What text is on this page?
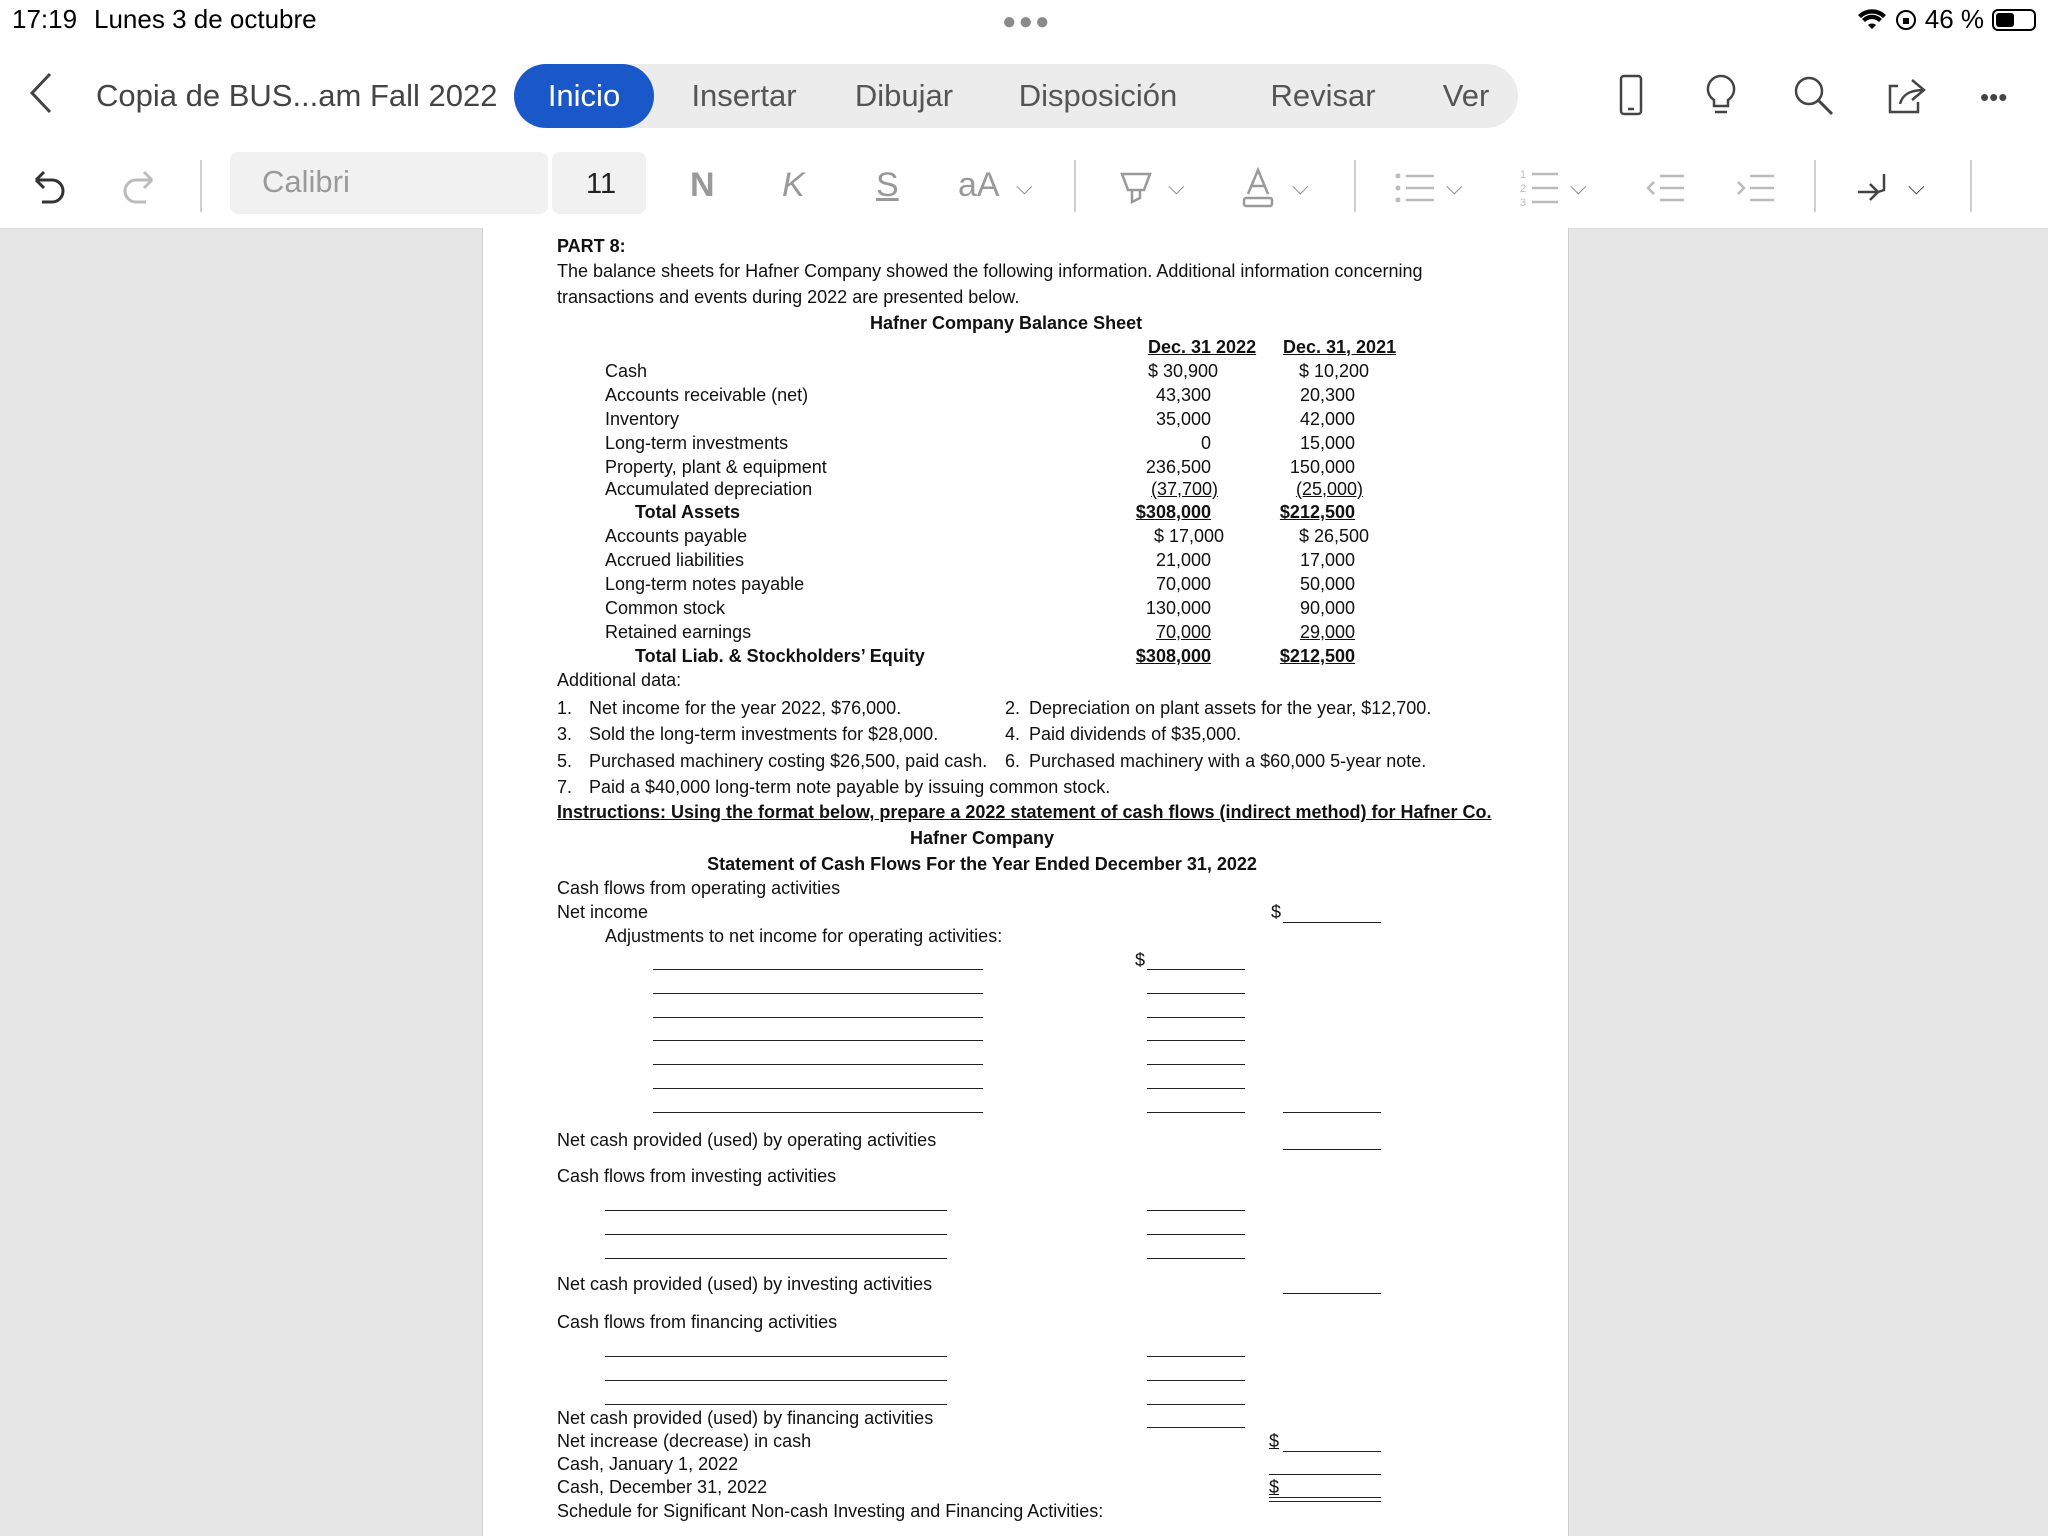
17:19 Lunes 3 de octubre	●●●	46 %
Copia de BUS...am Fall 2022	Inicio	Insertar	Dibujar	Disposición	Revisar	Ver	•••
N K S aA ⌵	⌵	⌵	⌵	1
2
3
⌵	⌵
Calibri	11
PART 8:
The balance sheets for Hafner Company showed the following information. Additional information concerning
transactions and events during 2022 are presented below.
Hafner Company Balance Sheet
Dec. 31 2022 Dec. 31, 2021
Cash	$ 30,900	$ 10,200
Accounts receivable (net)	43,300	20,300
Inventory	35,000	42,000
Long-term investments	0	15,000
Property, plant & equipment	236,500	150,000
Accumulated depreciation	(37,700)	(25,000)
Total Assets	$308,000	$212,500
Accounts payable	$ 17,000	$ 26,500
Accrued liabilities	21,000	17,000
Long-term notes payable	70,000	50,000
Common stock	130,000	90,000
Retained earnings	70,000	29,000
Total Liab. & Stockholders’ Equity	$308,000	$212,500
Additional data:
1. Net income for the year 2022, $76,000.	2. Depreciation on plant assets for the year, $12,700.
3. Sold the long-term investments for $28,000.	4. Paid dividends of $35,000.
5. Purchased machinery costing $26,500, paid cash. 6. Purchased machinery with a $60,000 5-year note.
7. Paid a $40,000 long-term note payable by issuing common stock.
Instructions: Using the format below, prepare a 2022 statement of cash flows (indirect method) for Hafner Co.
Hafner Company
Statement of Cash Flows For the Year Ended December 31, 2022
Cash flows from operating activities
Net income	$
Adjustments to net income for operating activities:
$
Net cash provided (used) by operating activities
Cash flows from investing activities
Net cash provided (used) by investing activities
Cash flows from financing activities
Net cash provided (used) by financing activities
Net increase (decrease) in cash	$
Cash, January 1, 2022
Cash, December 31, 2022	$
Schedule for Significant Non-cash Investing and Financing Activities:
